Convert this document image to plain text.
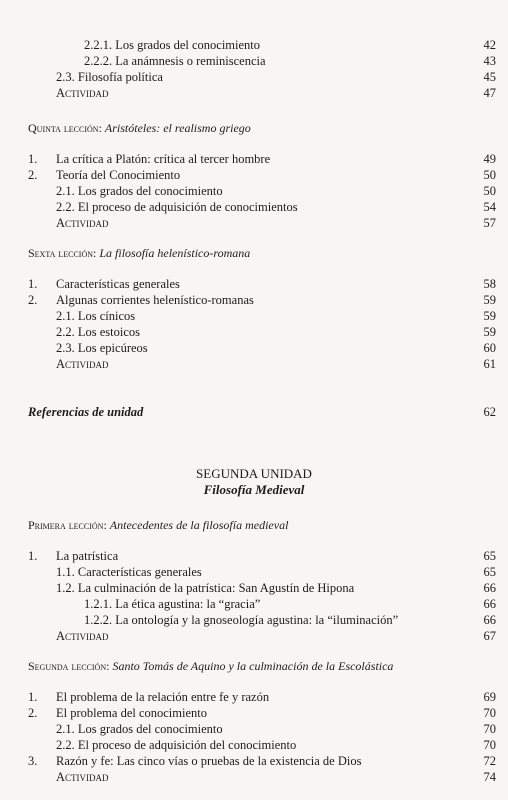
2.2.1. Los grados del conocimiento	42
2.2.2. La anámnesis o reminiscencia	43
2.3. Filosofía política	45
Actividad	47
Quinta lección: Aristóteles: el realismo griego
1. La crítica a Platón: crítica al tercer hombre	49
2. Teoría del Conocimiento	50
2.1. Los grados del conocimiento	50
2.2. El proceso de adquisición de conocimientos	54
Actividad	57
Sexta lección: La filosofía helenístico-romana
1. Características generales	58
2. Algunas corrientes helenístico-romanas	59
2.1. Los cínicos	59
2.2. Los estoicos	59
2.3. Los epicúreos	60
Actividad	61
Referencias de unidad	62
SEGUNDA UNIDAD
Filosofía Medieval
Primera lección: Antecedentes de la filosofía medieval
1. La patrística	65
1.1. Características generales	65
1.2. La culminación de la patrística: San Agustín de Hipona	66
1.2.1. La ética agustina: la “gracia”	66
1.2.2. La ontología y la gnoseología agustina: la “iluminación”	66
Actividad	67
Segunda lección: Santo Tomás de Aquino y la culminación de la Escolástica
1. El problema de la relación entre fe y razón	69
2. El problema del conocimiento	70
2.1. Los grados del conocimiento	70
2.2. El proceso de adquisición del conocimiento	70
3. Razón y fe: Las cinco vías o pruebas de la existencia de Dios	72
Actividad	74
